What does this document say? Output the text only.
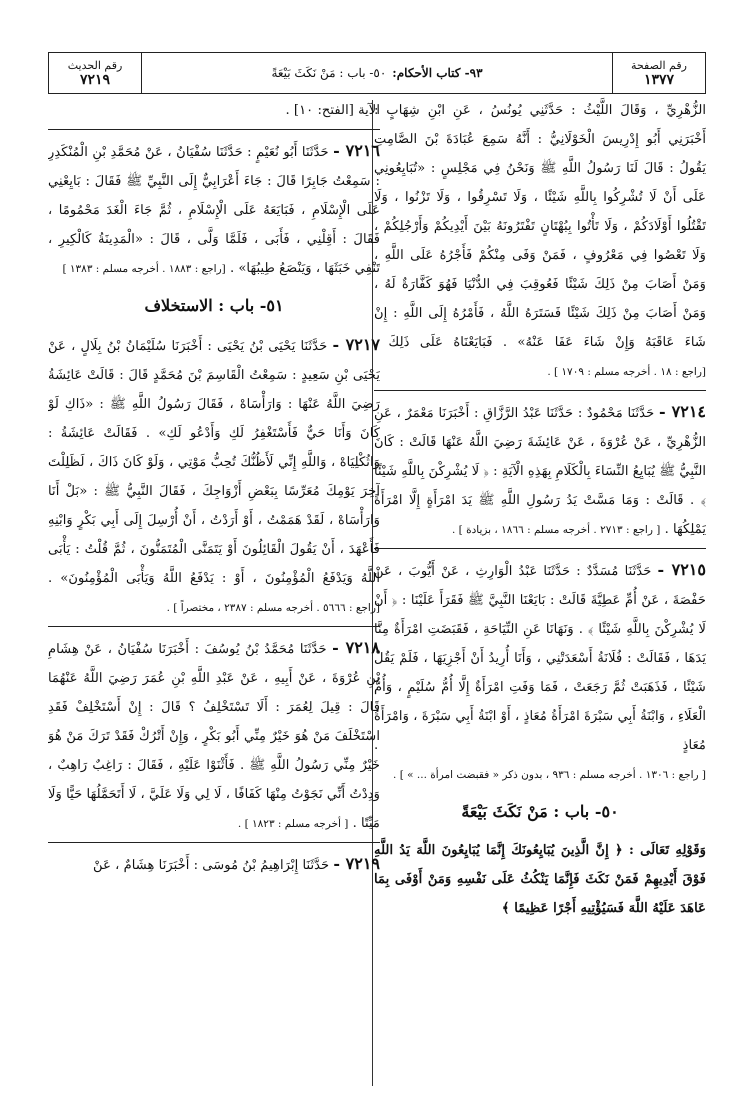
رقم الصفحة
١٣٧٧
٩٣- كتاب الأحكام:
٥٠- باب : مَنْ نَكَثَ بَيْعَةً
رقم الحديث
٧٢١٩

الزُّهْرِيِّ ، وَقَالَ اللَّيْثُ : حَدَّثَنِي يُونُسُ ، عَنِ ابْنِ شِهَابٍ : أَخْبَرَنِي أَبُو إِدْرِيسَ الْخَوْلَانِيُّ : أَنَّهُ سَمِعَ عُبَادَةَ بْنَ الصَّامِتِ يَقُولُ : قَالَ لَنَا رَسُولُ اللَّهِ ﷺ وَنَحْنُ فِي مَجْلِسٍ : «تُبَايِعُونِي عَلَى أَنْ لَا تُشْرِكُوا بِاللَّهِ شَيْئًا ، وَلَا تَسْرِقُوا ، وَلَا تَزْنُوا ، وَلَا تَقْتُلُوا أَوْلَادَكُمْ ، وَلَا تَأْتُوا بِبُهْتَانٍ تَفْتَرُونَهُ بَيْنَ أَيْدِيكُمْ وَأَرْجُلِكُمْ ، وَلَا تَعْصُوا فِي مَعْرُوفٍ ، فَمَنْ وَفَى مِنْكُمْ فَأَجْرُهُ عَلَى اللَّهِ ، وَمَنْ أَصَابَ مِنْ ذَلِكَ شَيْئًا فَعُوقِبَ فِي الدُّنْيَا فَهُوَ كَفَّارَةٌ لَهُ ، وَمَنْ أَصَابَ مِنْ ذَلِكَ شَيْئًا فَسَتَرَهُ اللَّهُ ، فَأَمْرُهُ إِلَى اللَّهِ : إِنْ شَاءَ عَاقَبَهُ وَإِنْ شَاءَ عَفَا عَنْهُ» . فَبَايَعْنَاهُ عَلَى ذَلِكَ . [راجع : ١٨ . أخرجه مسلم : ١٧٠٩ ] .

٧٢١٤ - حَدَّثَنَا مَحْمُودٌ : حَدَّثَنَا عَبْدُ الرَّزَّاقِ : أَخْبَرَنَا مَعْمَرٌ ، عَنِ الزُّهْرِيِّ ، عَنْ عُرْوَةَ ، عَنْ عَائِشَةَ رَضِيَ اللَّهُ عَنْهَا قَالَتْ : كَانَ النَّبِيُّ ﷺ يُبَايِعُ النِّسَاءَ بِالْكَلَامِ بِهَذِهِ الْآيَةِ : ﴿ لَا يُشْرِكْنَ بِاللَّهِ شَيْئًا ﴾ . قَالَتْ : وَمَا مَسَّتْ يَدُ رَسُولِ اللَّهِ ﷺ يَدَ امْرَأَةٍ إِلَّا امْرَأَةً يَمْلِكُهَا . [ راجع : ٢٧١٣ . أخرجه مسلم : ١٨٦٦ ، بزيادة ] .

٧٢١٥ - حَدَّثَنَا مُسَدَّدٌ : حَدَّثَنَا عَبْدُ الْوَارِثِ ، عَنْ أَيُّوبَ ، عَنْ حَفْصَةَ ، عَنْ أُمِّ عَطِيَّةَ قَالَتْ : بَايَعْنَا النَّبِيَّ ﷺ فَقَرَأَ عَلَيْنَا : ﴿ أَنْ لَا يُشْرِكْنَ بِاللَّهِ شَيْئًا ﴾ . وَنَهَانَا عَنِ النِّيَاحَةِ ، فَقَبَضَتِ امْرَأَةٌ مِنَّا يَدَهَا ، فَقَالَتْ : فُلَانَةُ أَسْعَدَتْنِي ، وَأَنَا أُرِيدُ أَنْ أَجْزِيَهَا ، فَلَمْ يَقُلْ شَيْئًا ، فَذَهَبَتْ ثُمَّ رَجَعَتْ ، فَمَا وَفَتِ امْرَأَةٌ إِلَّا أُمُّ سُلَيْمٍ ، وَأُمُّ الْعَلَاءِ ، وَابْنَةُ أَبِي سَبْرَةَ امْرَأَةُ مُعَاذٍ ، أَوْ ابْنَةُ أَبِي سَبْرَةَ ، وَامْرَأَةُ مُعَاذٍ . [ راجع : ١٣٠٦ . أخرجه مسلم : ٩٣٦ ، بدون ذكر « فقبضت امرأة ... » ] .

٥٠- باب : مَنْ نَكَثَ بَيْعَةً

وَقَوْلِهِ تَعَالَى : ﴿ إِنَّ الَّذِينَ يُبَايِعُونَكَ إِنَّمَا يُبَايِعُونَ اللَّهَ يَدُ اللَّهِ فَوْقَ أَيْدِيهِمْ فَمَنْ نَكَثَ فَإِنَّمَا يَنْكُثُ عَلَى نَفْسِهِ وَمَنْ أَوْفَى بِمَا عَاهَدَ عَلَيْهُ اللَّهَ فَسَيُؤْتِيهِ أَجْرًا عَظِيمًا ﴾

الآية [الفتح: ١٠] .

٧٢١٦ - حَدَّثَنَا أَبُو نُعَيْمٍ : حَدَّثَنَا سُفْيَانُ ، عَنْ مُحَمَّدِ بْنِ الْمُنْكَدِرِ : سَمِعْتُ جَابِرًا قَالَ : جَاءَ أَعْرَابِيٌّ إِلَى النَّبِيِّ ﷺ فَقَالَ : بَايِعْنِي عَلَى الْإِسْلَامِ ، فَبَايَعَهُ عَلَى الْإِسْلَامِ ، ثُمَّ جَاءَ الْغَدَ مَحْمُومًا ، فَقَالَ : أَقِلْنِي ، فَأَبَى ، فَلَمَّا وَلَّى ، قَالَ : «الْمَدِينَةُ كَالْكِيرِ ، تَنْفِي خَبَثَهَا ، وَيَنْصَعُ طِيبُهَا» . [راجع : ١٨٨٣ . أخرجه مسلم : ١٣٨٣ ]

٥١- باب : الاستخلاف

٧٢١٧ - حَدَّثَنَا يَحْيَى بْنُ يَحْيَى : أَخْبَرَنَا سُلَيْمَانُ بْنُ بِلَالٍ ، عَنْ يَحْيَى بْنِ سَعِيدٍ : سَمِعْتُ الْقَاسِمَ بْنَ مُحَمَّدٍ قَالَ : قَالَتْ عَائِشَةُ رَضِيَ اللَّهُ عَنْهَا : وَارَأْسَاهْ ، فَقَالَ رَسُولُ اللَّهِ ﷺ : «ذَاكِ لَوْ كَانَ وَأَنَا حَيٌّ فَأَسْتَغْفِرُ لَكِ وَأَدْعُو لَكِ» . فَقَالَتْ عَائِشَةُ : وَاثُكْلِيَاهْ ، وَاللَّهِ إِنِّي لَأَظُنُّكَ تُحِبُّ مَوْتِي ، وَلَوْ كَانَ ذَاكَ ، لَظَلِلْتَ آخِرَ يَوْمِكَ مُعَرِّسًا بِبَعْضِ أَزْوَاجِكَ ، فَقَالَ النَّبِيُّ ﷺ : «بَلْ أَنَا وَارَأْسَاهْ ، لَقَدْ هَمَمْتُ ، أَوْ أَرَدْتُ ، أَنْ أُرْسِلَ إِلَى أَبِي بَكْرٍ وَابْنِهِ فَأَعْهَدَ ، أَنْ يَقُولَ الْقَائِلُونَ أَوْ يَتَمَنَّى الْمُتَمَنُّونَ ، ثُمَّ قُلْتُ : يَأْبَى اللَّهُ وَيَدْفَعُ الْمُؤْمِنُونَ ، أَوْ : يَدْفَعُ اللَّهُ وَيَأْبَى الْمُؤْمِنُونَ» . [راجع : ٥٦٦٦ . أخرجه مسلم : ٢٣٨٧ ، مختصراً ] .

٧٢١٨ - حَدَّثَنَا مُحَمَّدُ بْنُ يُوسُفَ : أَخْبَرَنَا سُفْيَانُ ، عَنْ هِشَامِ بْنِ عُرْوَةَ ، عَنْ أَبِيهِ ، عَنْ عَبْدِ اللَّهِ بْنِ عُمَرَ رَضِيَ اللَّهُ عَنْهُمَا قَالَ : قِيلَ لِعُمَرَ : أَلَا تَسْتَخْلِفُ ؟ قَالَ : إِنْ أَسْتَخْلِفْ فَقَدِ اسْتَخْلَفَ مَنْ هُوَ خَيْرٌ مِنِّي أَبُو بَكْرٍ ، وَإِنْ أَتْرُكْ فَقَدْ تَرَكَ مَنْ هُوَ خَيْرٌ مِنِّي رَسُولُ اللَّهِ ﷺ . فَأَثْنَوْا عَلَيْهِ ، فَقَالَ : رَاغِبٌ رَاهِبٌ ، وَدِدْتُ أَنِّي نَجَوْتُ مِنْهَا كَفَافًا ، لَا لِي وَلَا عَلَيَّ ، لَا أَتَحَمَّلُهَا حَيًّا وَلَا مَيِّتًا . [ أخرجه مسلم : ١٨٢٣ ] .

٧٢١٩ - حَدَّثَنَا إِبْرَاهِيمُ بْنُ مُوسَى : أَخْبَرَنَا هِشَامٌ ، عَنْ
